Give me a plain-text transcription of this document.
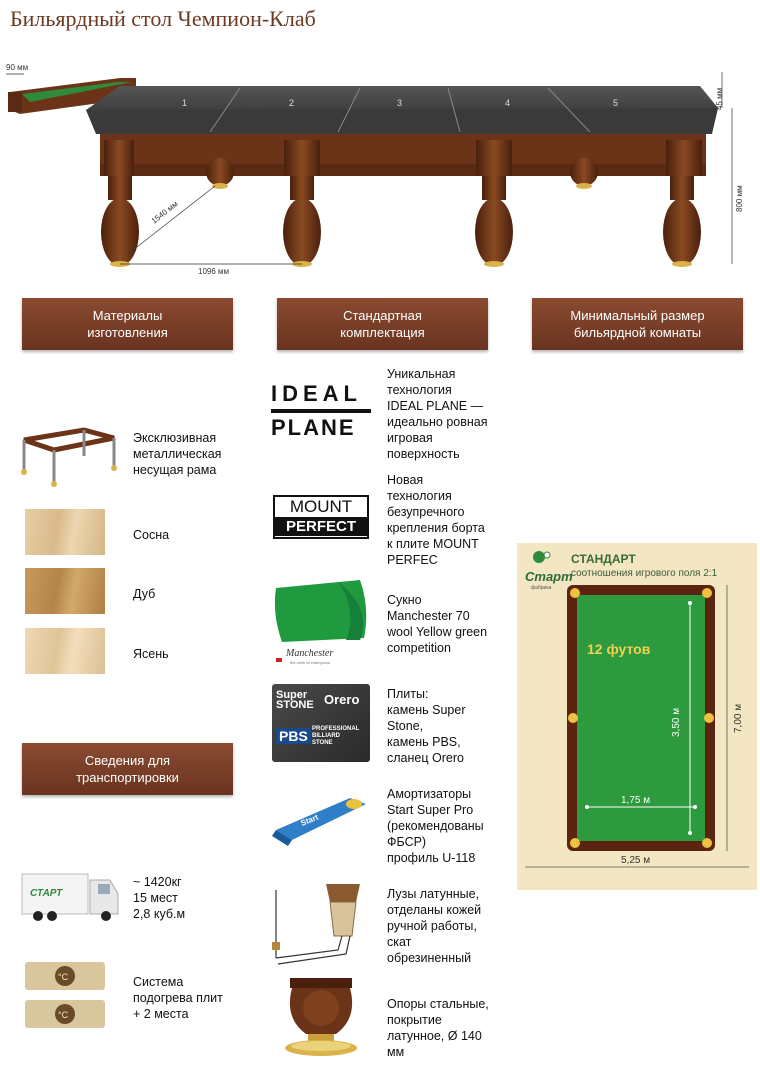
Бильярдный стол Чемпион-Клаб
90 мм
1	2	3	4	5
1096 мм
1540 мм
45 мм
800 мм
Материалы
изготовления
Стандартная
комплектация
Минимальный размер
бильярдной комнаты
Эксклюзивная
металлическая
несущая рама
Сосна
Дуб
Ясень
Сведения для
транспортировки
СТАРТ
~ 1420кг
15 мест
2,8 куб.м
°C
°C
Система
подогрева плит
+ 2 места
IDEAL
PLANE
Уникальная
технология
IDEAL PLANE —
идеально ровная
игровая
поверхность
MOUNT
PERFECT
Новая
технология
безупречного
крепления борта
к плите MOUNT
PERFEC
Manchester
the cloth of champions
Сукно
Manchester 70
wool Yellow green
competition
Super
STONE Orero
PBS PROFESSIONAL
BILLIARD
STONE
Плиты:
камень Super
Stone,
камень PBS,
сланец Orero
Start
Амортизаторы
Start Super Pro
(рекомендованы
ФБСР)
профиль U-118
Лузы латунные,
отделаны кожей
ручной работы,
скат
обрезиненный
Опоры стальные,
покрытие
латунное, Ø 140
мм
Старт
фабрика
СТАНДАРТ
соотношения игрового поля 2:1
12 футов
3,50 м
1,75 м
7,00 м
5,25 м
